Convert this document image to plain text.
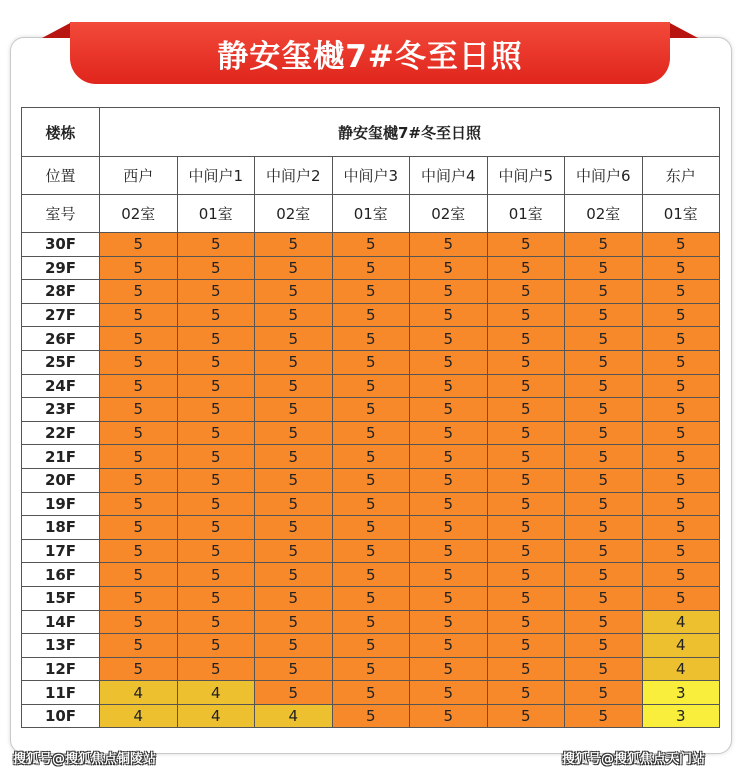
静安玺樾7#冬至日照
楼栋	静安玺樾7#冬至日照							
位置	西户	中间户1	中间户2	中间户3	中间户4	中间户5	中间户6	东户
室号	02室	01室	02室	01室	02室	01室	02室	01室
30F	5	5	5	5	5	5	5	5
29F	5	5	5	5	5	5	5	5
28F	5	5	5	5	5	5	5	5
27F	5	5	5	5	5	5	5	5
26F	5	5	5	5	5	5	5	5
25F	5	5	5	5	5	5	5	5
24F	5	5	5	5	5	5	5	5
23F	5	5	5	5	5	5	5	5
22F	5	5	5	5	5	5	5	5
21F	5	5	5	5	5	5	5	5
20F	5	5	5	5	5	5	5	5
19F	5	5	5	5	5	5	5	5
18F	5	5	5	5	5	5	5	5
17F	5	5	5	5	5	5	5	5
16F	5	5	5	5	5	5	5	5
15F	5	5	5	5	5	5	5	5
14F	5	5	5	5	5	5	5	4
13F	5	5	5	5	5	5	5	4
12F	5	5	5	5	5	5	5	4
11F	4	4	5	5	5	5	5	3
10F	4	4	4	5	5	5	5	3
搜狐号@搜狐焦点铜陵站	搜狐号@搜狐焦点天门站
